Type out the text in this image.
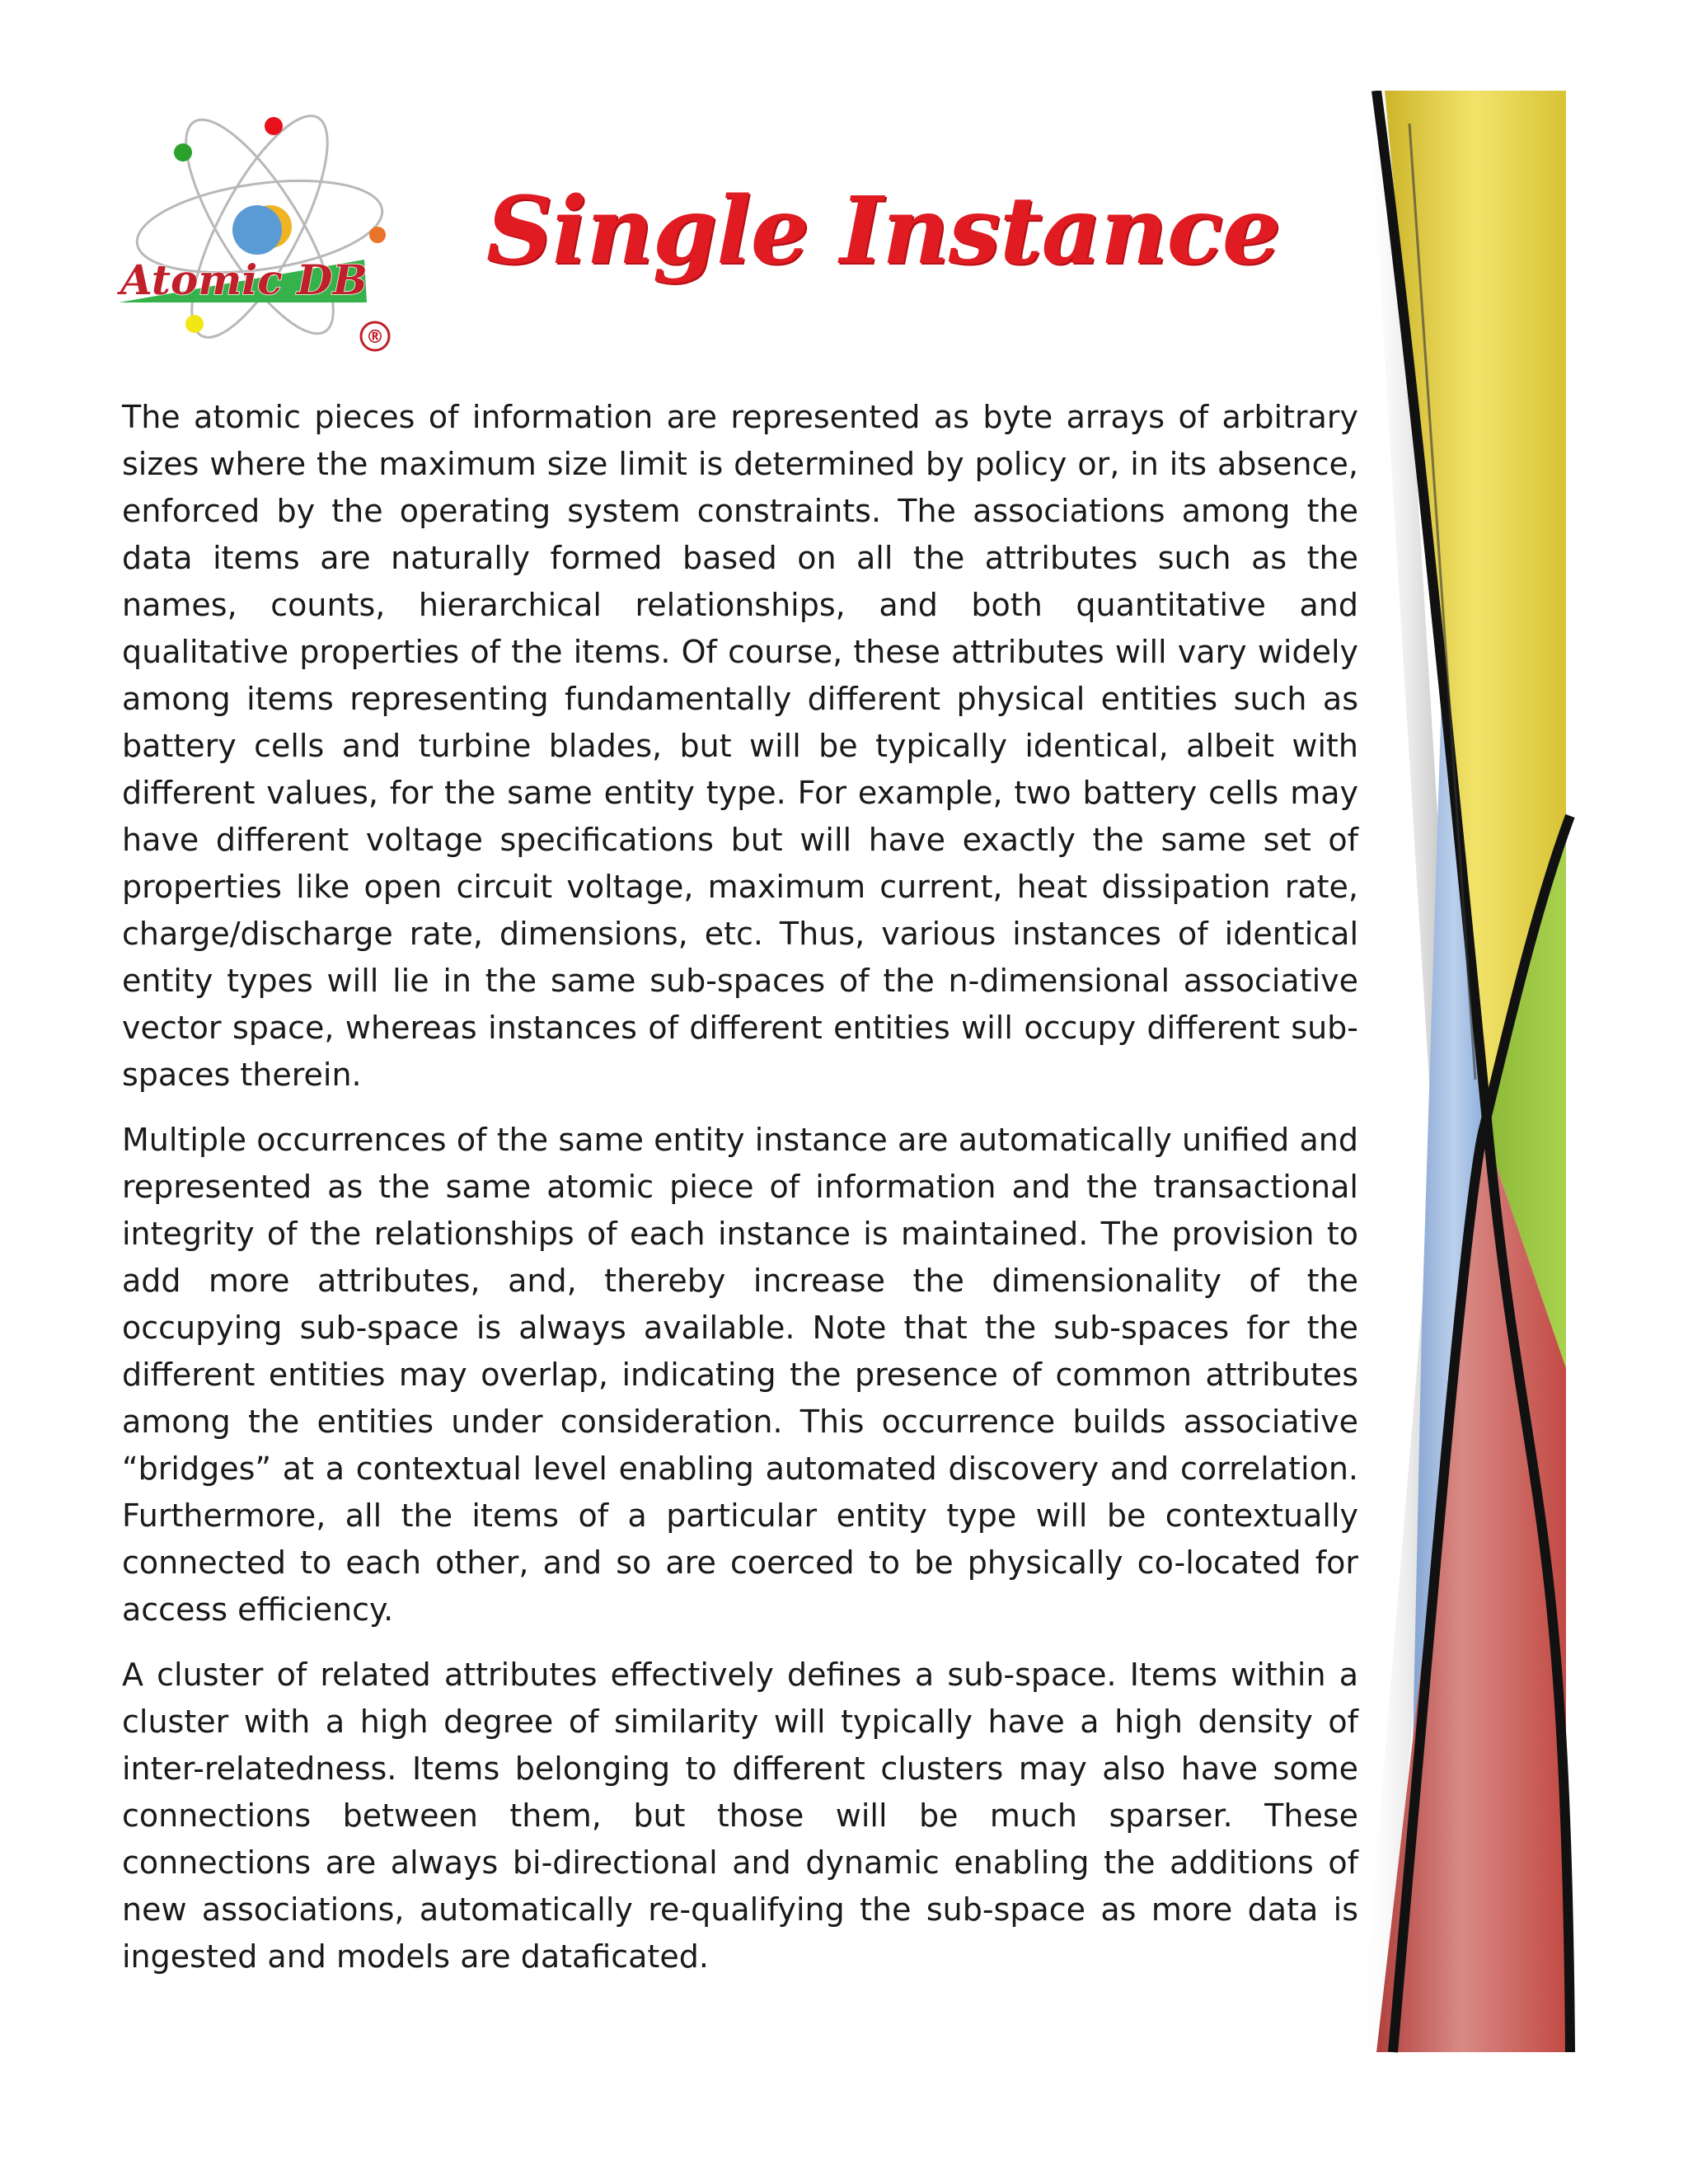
Atomic DB
®
Single Instance

The atomic pieces of information are represented as byte arrays of arbitrary sizes where the maximum size limit is determined by policy or, in its absence, enforced by the operating system constraints. The associations among the data items are naturally formed based on all the attributes such as the names, counts, hierarchical relationships, and both quantitative and qualitative properties of the items. Of course, these attributes will vary widely among items representing fundamentally different physical entities such as battery cells and turbine blades, but will be typically identical, albeit with different values, for the same entity type. For example, two battery cells may have different voltage specifications but will have exactly the same set of properties like open circuit voltage, maximum current, heat dissipation rate, charge/discharge rate, dimensions, etc. Thus, various instances of identical entity types will lie in the same sub-spaces of the n-dimensional associative vector space, whereas instances of different entities will occupy different sub-spaces therein.

Multiple occurrences of the same entity instance are automatically unified and represented as the same atomic piece of information and the transactional integrity of the relationships of each instance is maintained. The provision to add more attributes, and, thereby increase the dimensionality of the occupying sub-space is always available. Note that the sub-spaces for the different entities may overlap, indicating the presence of common attributes among the entities under consideration. This occurrence builds associative “bridges” at a contextual level enabling automated discovery and correlation. Furthermore, all the items of a particular entity type will be contextually connected to each other, and so are coerced to be physically co-located for access efficiency.

A cluster of related attributes effectively defines a sub-space. Items within a cluster with a high degree of similarity will typically have a high density of inter-relatedness. Items belonging to different clusters may also have some connections between them, but those will be much sparser. These connections are always bi-directional and dynamic enabling the additions of new associations, automatically re-qualifying the sub-space as more data is ingested and models are dataficated.
